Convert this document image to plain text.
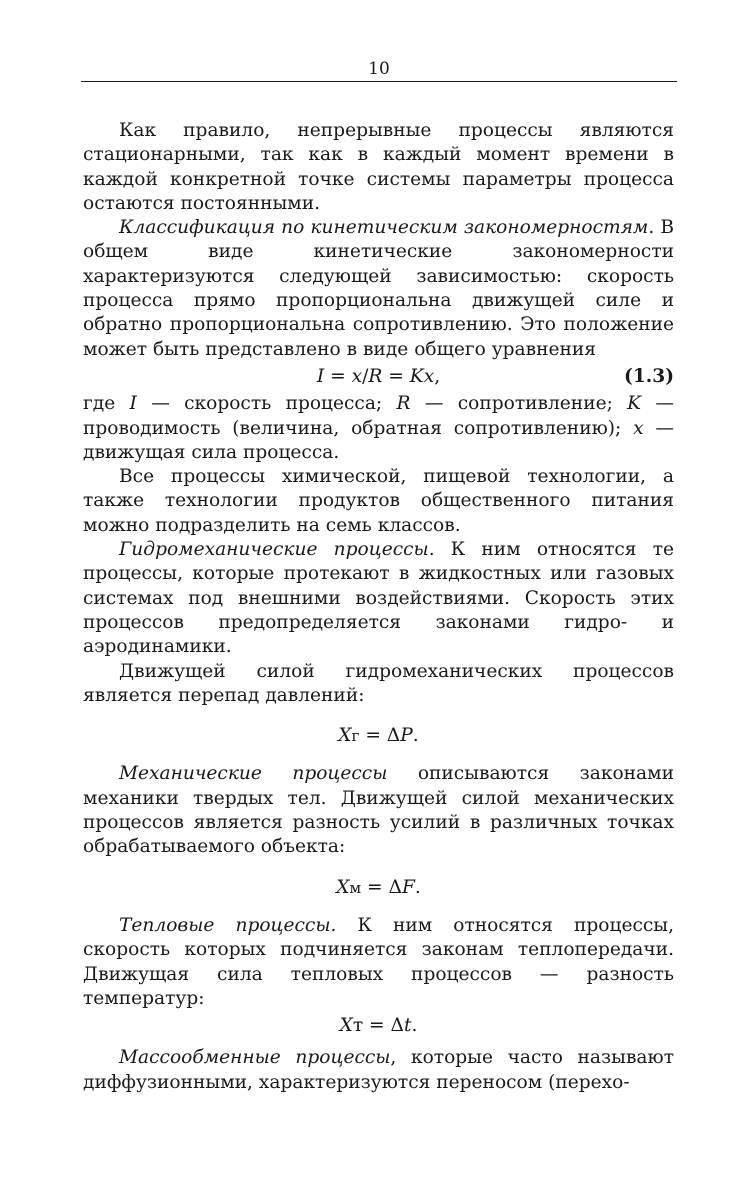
10

Как правило, непрерывные процессы являются стационарными, так как в каждый момент времени в каждой конкретной точке системы параметры процесса остаются постоянными.

Классификация по кинетическим закономерностям. В общем виде кинетические закономерности характеризуются следующей зависимостью: скорость процесса прямо пропорциональна движущей силе и обратно пропорциональна сопротивлению. Это положение может быть представлено в виде общего уравнения

I = x/R = Kx,	(1.3)

где I — скорость процесса; R — сопротивление; K — проводимость (величина, обратная сопротивлению); x — движущая сила процесса.

Все процессы химической, пищевой технологии, а также технологии продуктов общественного питания можно подразделить на семь классов.

Гидромеханические процессы. К ним относятся те процессы, которые протекают в жидкостных или газовых системах под внешними воздействиями. Скорость этих процессов предопределяется законами гидро- и аэродинамики.

Движущей силой гидромеханических процессов является перепад давлений:

Xг = ΔP.

Механические процессы описываются законами механики твердых тел. Движущей силой механических процессов является разность усилий в различных точках обрабатываемого объекта:

Xм = ΔF.

Тепловые процессы. К ним относятся процессы, скорость которых подчиняется законам теплопередачи. Движущая сила тепловых процессов — разность температур:

Xт = Δt.

Массообменные процессы, которые часто называют диффузионными, характеризуются переносом (перехо-
